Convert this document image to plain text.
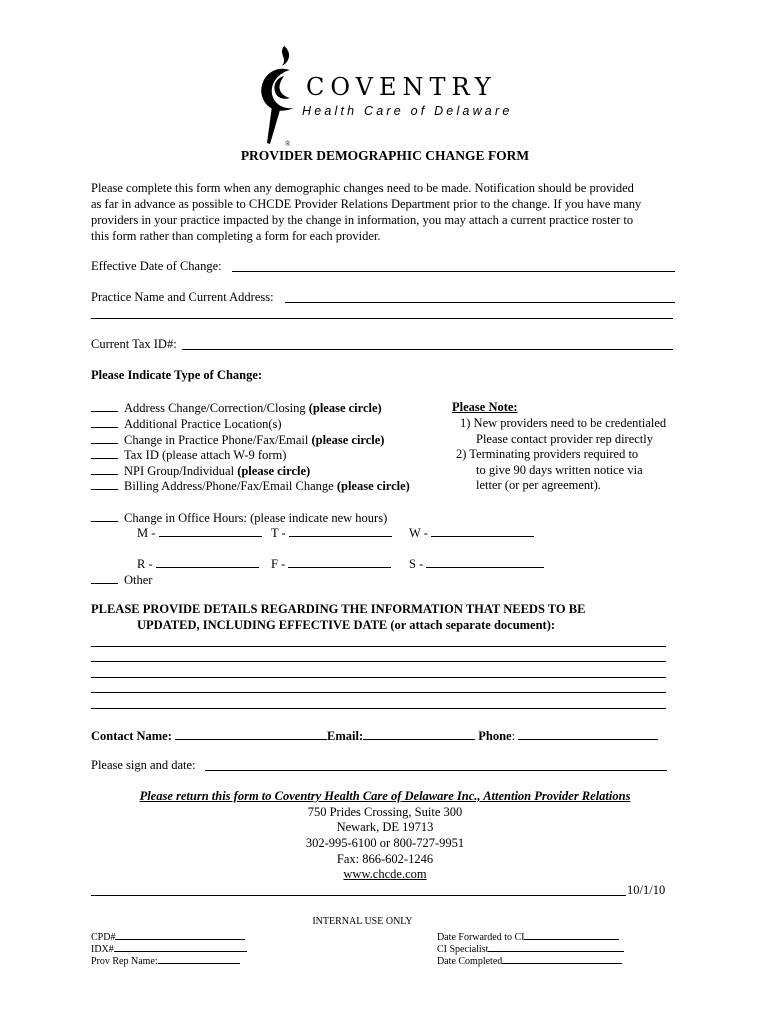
COVENTRY
Health Care of Delaware
®
PROVIDER DEMOGRAPHIC CHANGE FORM
Please complete this form when any demographic changes need to be made. Notification should be provided
as far in advance as possible to CHCDE Provider Relations Department prior to the change. If you have many
providers in your practice impacted by the change in information, you may attach a current practice roster to
this form rather than completing a form for each provider.
Effective Date of Change:
Practice Name and Current Address:
Current Tax ID#:
Please Indicate Type of Change:
Address Change/Correction/Closing (please circle)
Additional Practice Location(s)
Change in Practice Phone/Fax/Email (please circle)
Tax ID (please attach W-9 form)
NPI Group/Individual (please circle)
Billing Address/Phone/Fax/Email Change (please circle)
Please Note:
1) New providers need to be credentialed
Please contact provider rep directly
2) Terminating providers required to
to give 90 days written notice via
letter (or per agreement).
Change in Office Hours: (please indicate new hours)
M -	T -	W -
R -	F -	S -
Other
PLEASE PROVIDE DETAILS REGARDING THE INFORMATION THAT NEEDS TO BE
UPDATED, INCLUDING EFFECTIVE DATE (or attach separate document):
Contact Name:	Email:	Phone:
Please sign and date:
Please return this form to Coventry Health Care of Delaware Inc., Attention Provider Relations
750 Prides Crossing, Suite 300
Newark, DE 19713
302-995-6100 or 800-727-9951
Fax: 866-602-1246
www.chcde.com
10/1/10
INTERNAL USE ONLY
CPD#
IDX#
Prov Rep Name:
Date Forwarded to CI
CI Specialist
Date Completed
